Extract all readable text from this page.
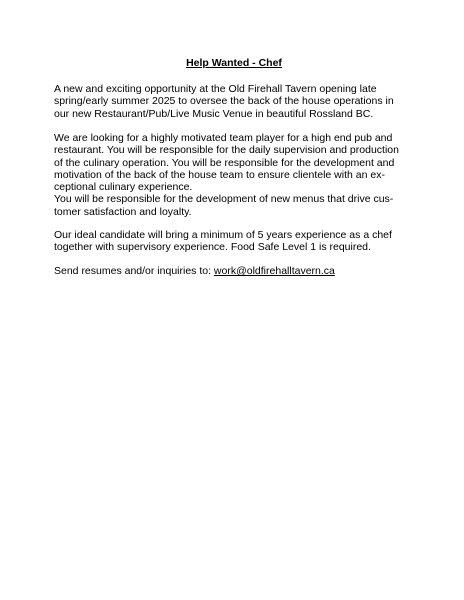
Help Wanted - Chef

A new and exciting opportunity at the Old Firehall Tavern opening late
spring/early summer 2025 to oversee the back of the house operations in
our new Restaurant/Pub/Live Music Venue in beautiful Rossland BC.

We are looking for a highly motivated team player for a high end pub and
restaurant. You will be responsible for the daily supervision and production
of the culinary operation. You will be responsible for the development and
motivation of the back of the house team to ensure clientele with an ex-
ceptional culinary experience.
You will be responsible for the development of new menus that drive cus-
tomer satisfaction and loyalty.

Our ideal candidate will bring a minimum of 5 years experience as a chef
together with supervisory experience. Food Safe Level 1 is required.

Send resumes and/or inquiries to: work@oldfirehalltavern.ca
